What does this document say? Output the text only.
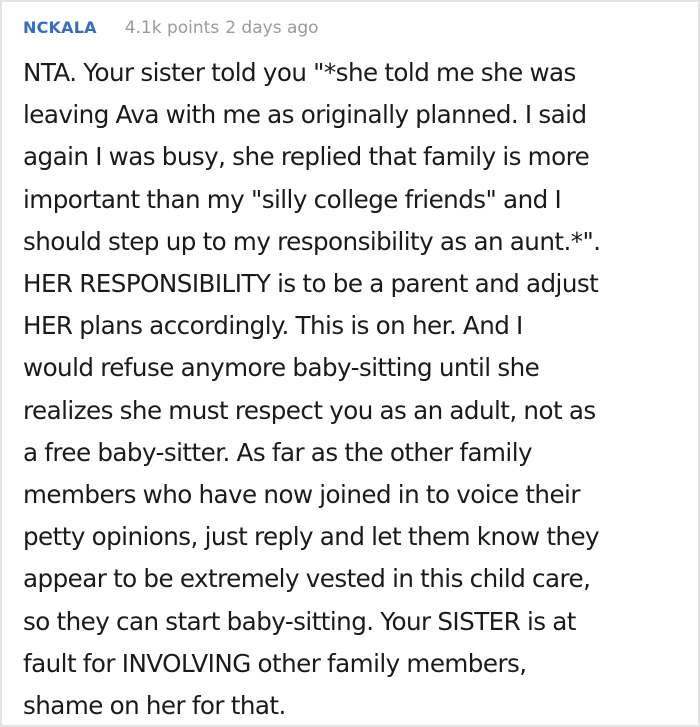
NCKALA 4.1k points 2 days ago
NTA. Your sister told you "*she told me she was
leaving Ava with me as originally planned. I said
again I was busy, she replied that family is more
important than my "silly college friends" and I
should step up to my responsibility as an aunt.*".
HER RESPONSIBILITY is to be a parent and adjust
HER plans accordingly. This is on her. And I
would refuse anymore baby-sitting until she
realizes she must respect you as an adult, not as
a free baby-sitter. As far as the other family
members who have now joined in to voice their
petty opinions, just reply and let them know they
appear to be extremely vested in this child care,
so they can start baby-sitting. Your SISTER is at
fault for INVOLVING other family members,
shame on her for that.
